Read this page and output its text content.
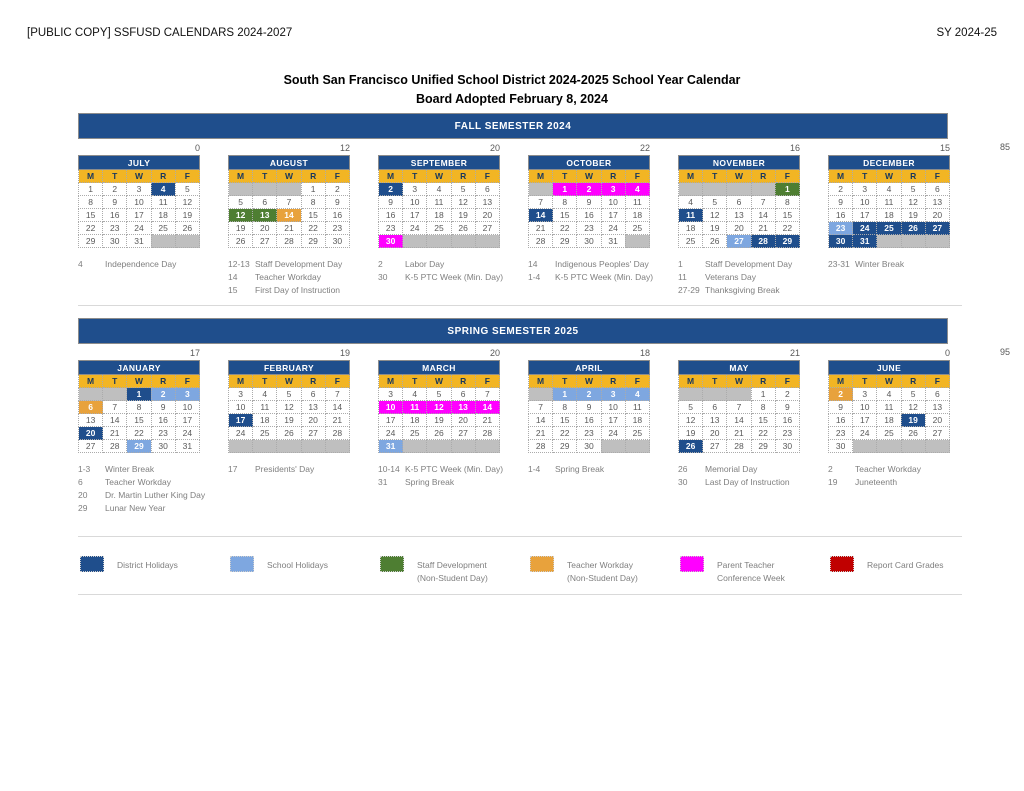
[PUBLIC COPY] SSFUSD CALENDARS 2024-2027	SY 2024-25
South San Francisco Unified School District 2024-2025 School Year Calendar
Board Adopted February 8, 2024
FALL SEMESTER 2024
85
0
JULY				
M	T	W	R	F
1	2	3	4	5
8	9	10	11	12
15	16	17	18	19
22	23	24	25	26
29	30	31		
4	Independence Day
12
AUGUST				
M	T	W	R	F
			1	2
5	6	7	8	9
12	13	14	15	16
19	20	21	22	23
26	27	28	29	30
12-13 Staff Development Day
14	Teacher Workday
15	First Day of Instruction
20
SEPTEMBER				
M	T	W	R	F
2	3	4	5	6
9	10	11	12	13
16	17	18	19	20
23	24	25	26	27
30				
2	Labor Day
30	K-5 PTC Week (Min. Day)
22
OCTOBER				
M	T	W	R	F
	1	2	3	4
7	8	9	10	11
14	15	16	17	18
21	22	23	24	25
28	29	30	31	
14	Indigenous Peoples' Day
1-4	K-5 PTC Week (Min. Day)
16
NOVEMBER				
M	T	W	R	F
				1
4	5	6	7	8
11	12	13	14	15
18	19	20	21	22
25	26	27	28	29
1	Staff Development Day
11	Veterans Day
27-29 Thanksgiving Break
15
DECEMBER				
M	T	W	R	F
2	3	4	5	6
9	10	11	12	13
16	17	18	19	20
23	24	25	26	27
30	31			
23-31 Winter Break
SPRING SEMESTER 2025
95
17
JANUARY				
M	T	W	R	F
		1	2	3
6	7	8	9	10
13	14	15	16	17
20	21	22	23	24
27	28	29	30	31
1-3	Winter Break
6	Teacher Workday
20	Dr. Martin Luther King Day
29	Lunar New Year
19
FEBRUARY				
M	T	W	R	F
3	4	5	6	7
10	11	12	13	14
17	18	19	20	21
24	25	26	27	28

17	Presidents' Day
20
MARCH				
M	T	W	R	F
3	4	5	6	7
10	11	12	13	14
17	18	19	20	21
24	25	26	27	28
31				
10-14 K-5 PTC Week (Min. Day)
31	Spring Break
18
APRIL				
M	T	W	R	F
	1	2	3	4
7	8	9	10	11
14	15	16	17	18
21	22	23	24	25
28	29	30		
1-4	Spring Break
21
MAY				
M	T	W	R	F
			1	2
5	6	7	8	9
12	13	14	15	16
19	20	21	22	23
26	27	28	29	30
26	Memorial Day
30	Last Day of Instruction
0
JUNE				
M	T	W	R	F
2	3	4	5	6
9	10	11	12	13
16	17	18	19	20
23	24	25	26	27
30				
2	Teacher Workday
19	Juneteenth
District Holidays	School Holidays	Staff Development
(Non-Student Day)
Teacher Workday
(Non-Student Day)
Parent Teacher
Conference Week
Report Card Grades
